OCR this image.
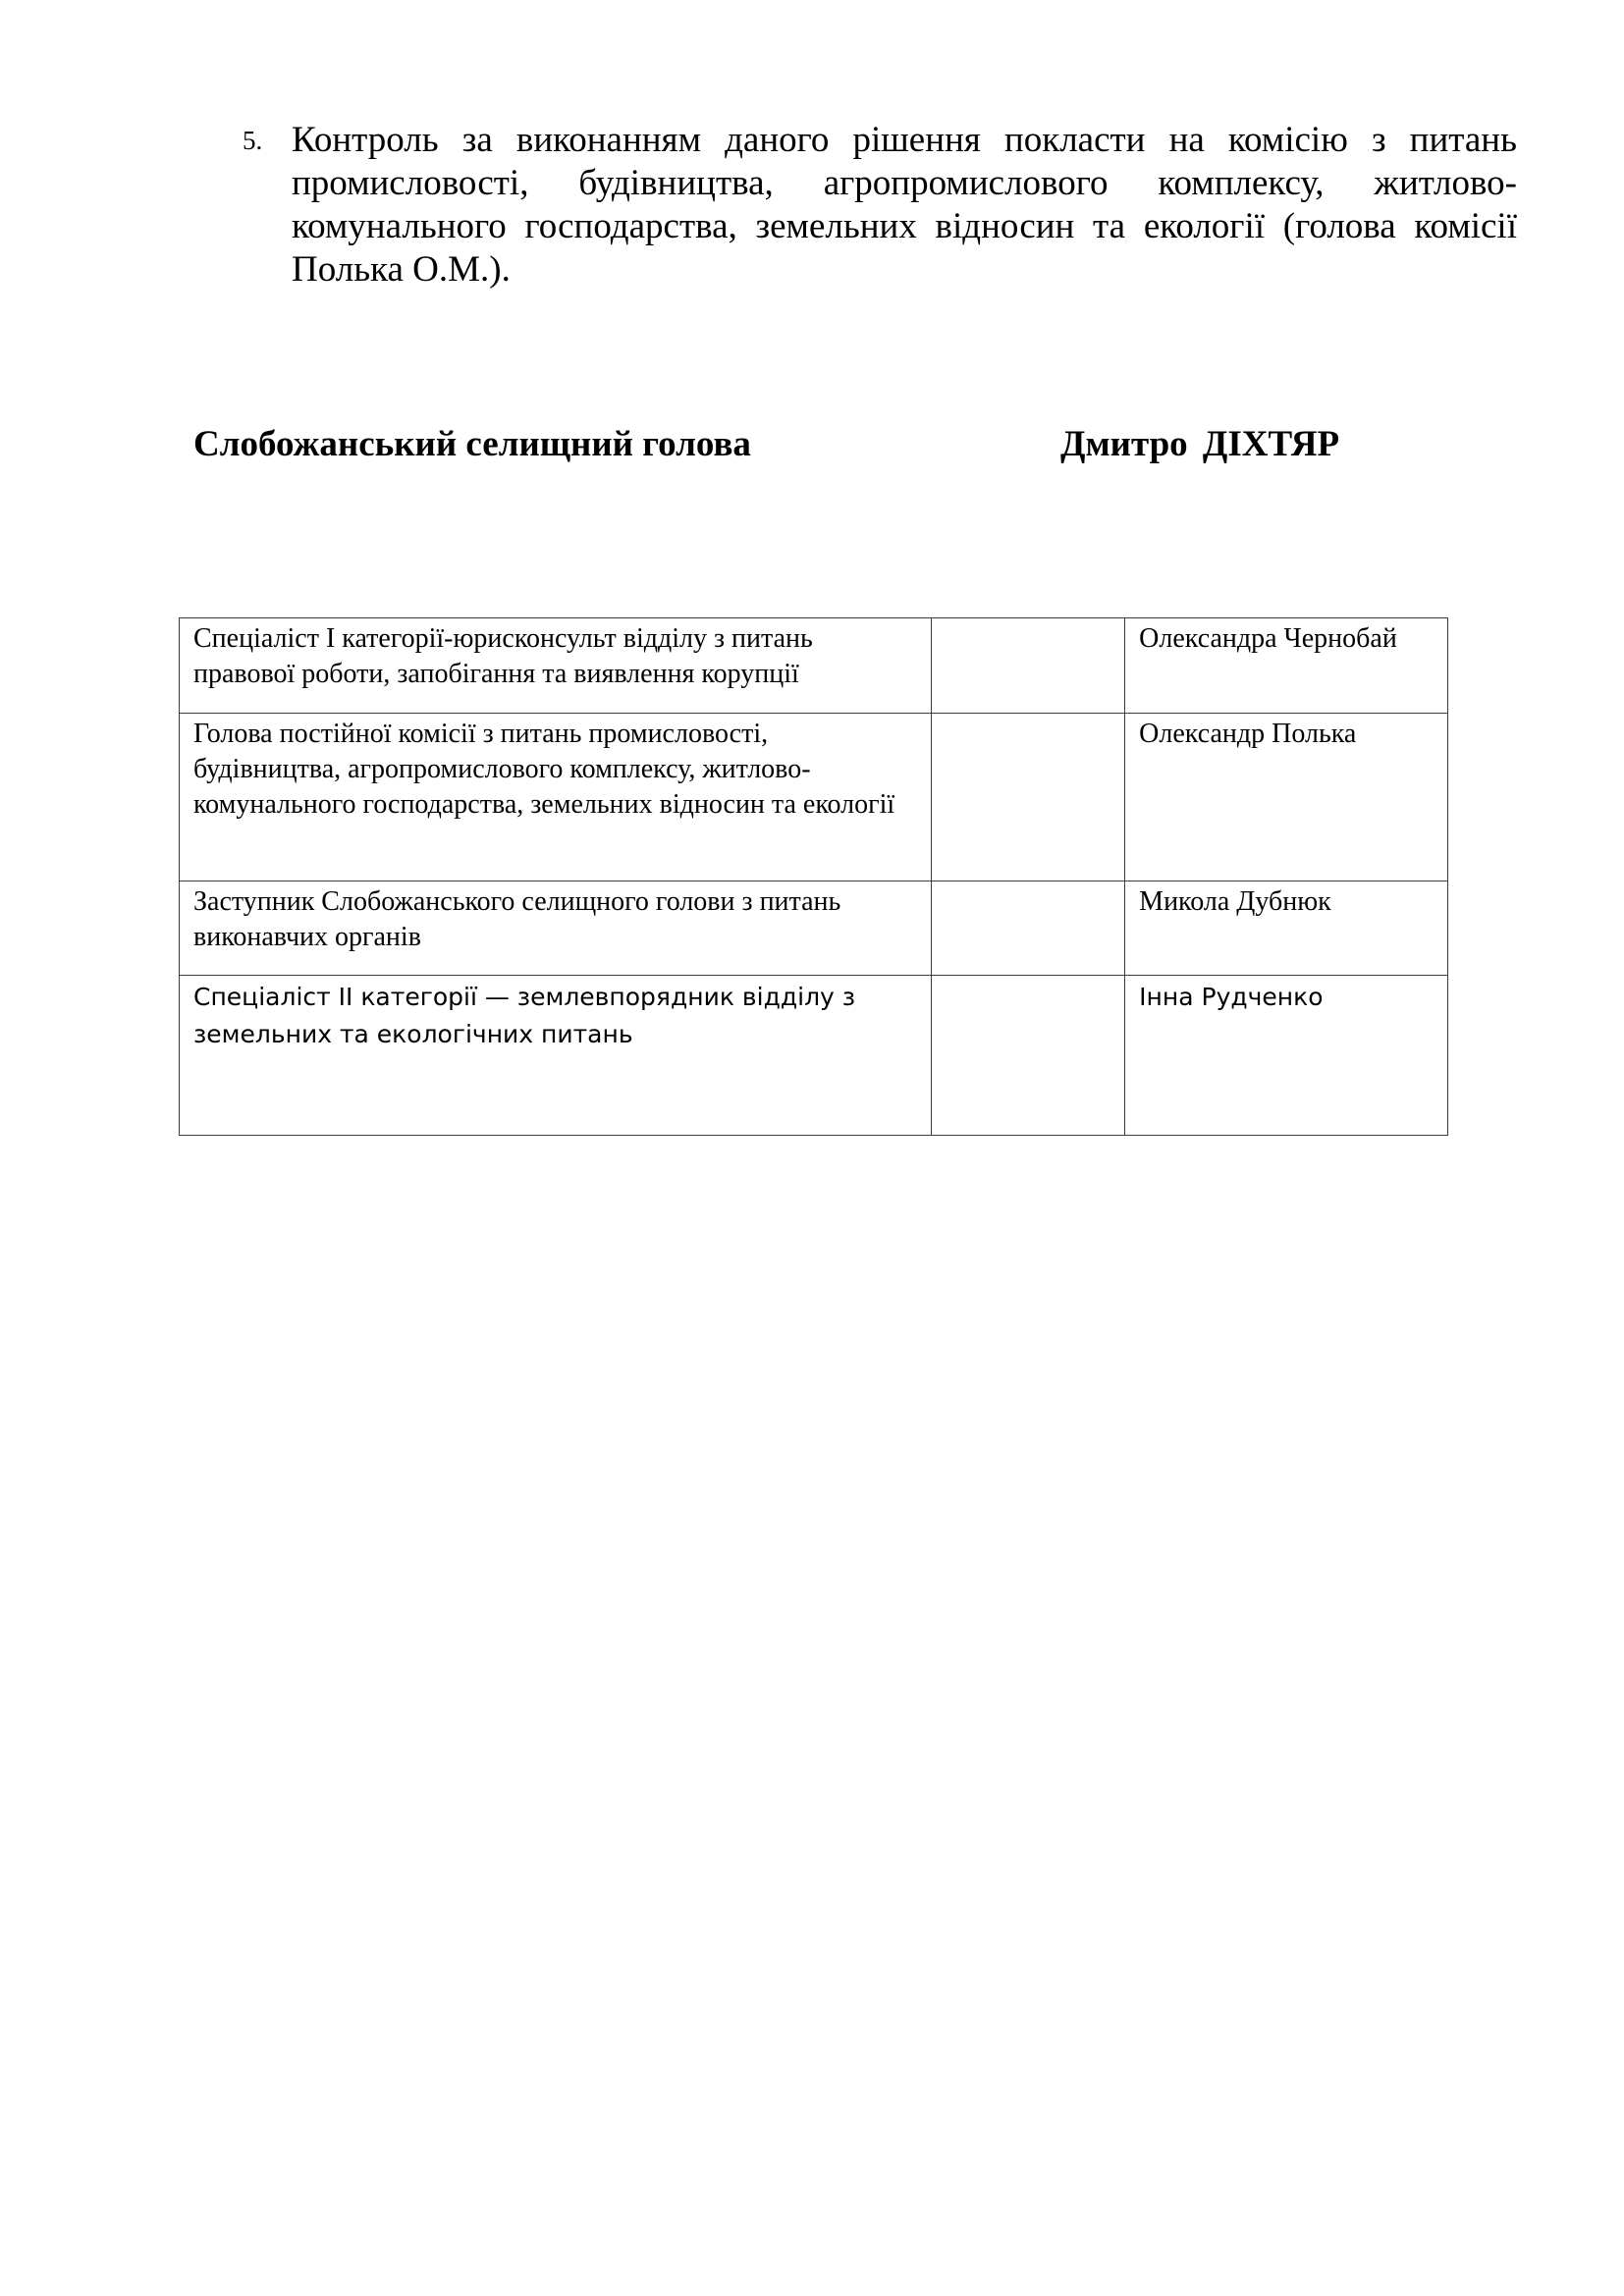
5. Контроль за виконанням даного рішення покласти на комісію з питань промисловості, будівництва, агропромислового комплексу, житлово-комунального господарства, земельних відносин та екології (голова комісії Полька О.М.).
Слобожанський селищний голова	Дмитро ДІХТЯР
Спеціаліст І категорії-юрисконсульт відділу з питань правової роботи, запобігання та виявлення корупції		Олександра Чернобай
Голова постійної комісії з питань промисловості, будівництва, агропромислового комплексу, житлово-комунального господарства, земельних відносин та екології		Олександр Полька
Заступник Слобожанського селищного голови з питань виконавчих органів		Микола Дубнюк
Спеціаліст ІІ категорії — землевпорядник відділу з земельних та екологічних питань		Інна Рудченко
